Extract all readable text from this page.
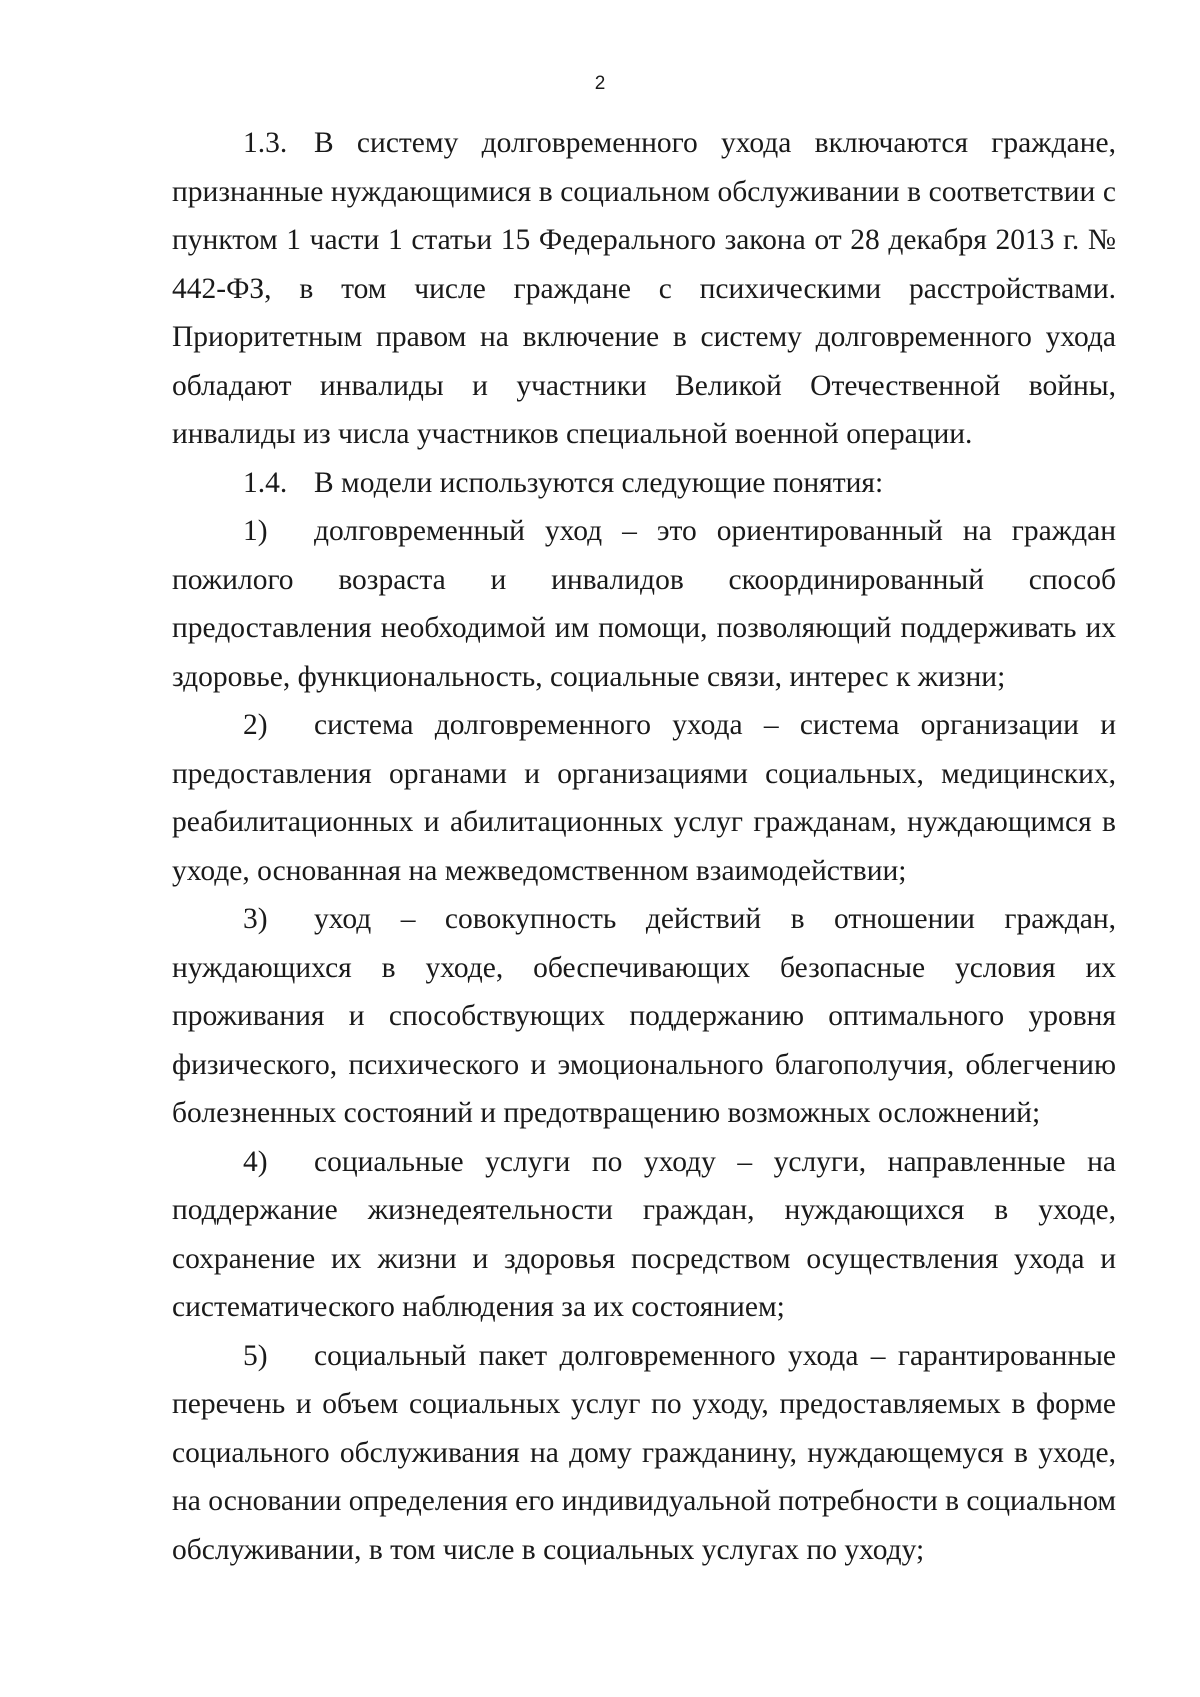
2

1.3. В систему долговременного ухода включаются граждане, признанные нуждающимися в социальном обслуживании в соответствии с пунктом 1 части 1 статьи 15 Федерального закона от 28 декабря 2013 г. № 442-ФЗ, в том числе граждане с психическими расстройствами. Приоритетным правом на включение в систему долговременного ухода обладают инвалиды и участники Великой Отечественной войны, инвалиды из числа участников специальной военной операции.

1.4. В модели используются следующие понятия:

1) долговременный уход – это ориентированный на граждан пожилого возраста и инвалидов скоординированный способ предоставления необходимой им помощи, позволяющий поддерживать их здоровье, функциональность, социальные связи, интерес к жизни;

2) система долговременного ухода – система организации и предоставления органами и организациями социальных, медицинских, реабилитационных и абилитационных услуг гражданам, нуждающимся в уходе, основанная на межведомственном взаимодействии;

3) уход – совокупность действий в отношении граждан, нуждающихся в уходе, обеспечивающих безопасные условия их проживания и способствующих поддержанию оптимального уровня физического, психического и эмоционального благополучия, облегчению болезненных состояний и предотвращению возможных осложнений;

4) социальные услуги по уходу – услуги, направленные на поддержание жизнедеятельности граждан, нуждающихся в уходе, сохранение их жизни и здоровья посредством осуществления ухода и систематического наблюдения за их состоянием;

5) социальный пакет долговременного ухода – гарантированные перечень и объем социальных услуг по уходу, предоставляемых в форме социального обслуживания на дому гражданину, нуждающемуся в уходе, на основании определения его индивидуальной потребности в социальном обслуживании, в том числе в социальных услугах по уходу;
